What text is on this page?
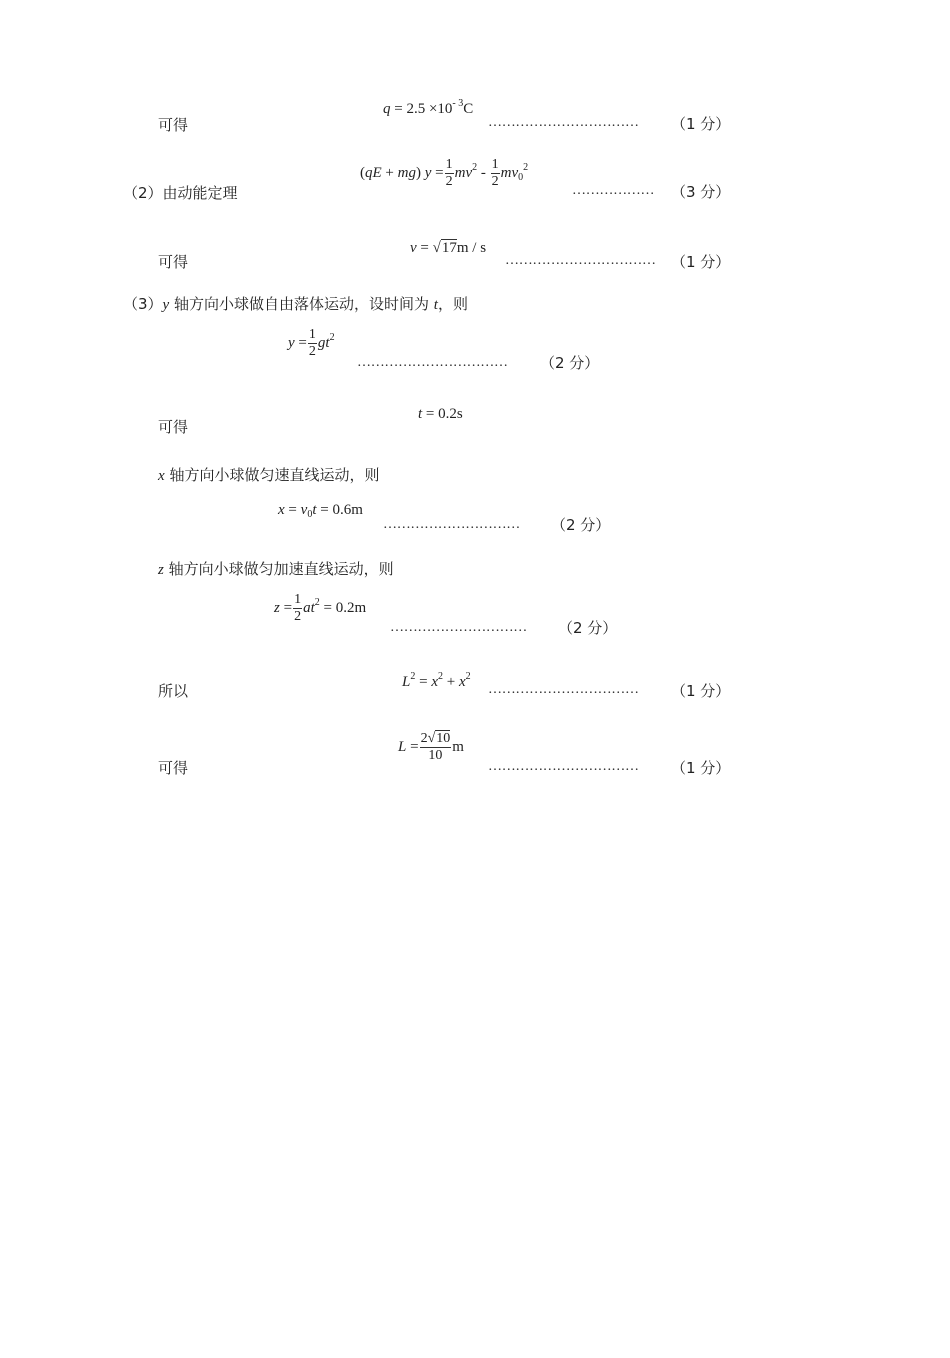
可得
$q = 2.5 \times 10^{- 3}C$
…………………………… （1 分）
（2）由动能定理
(qE + mg) $y = \frac{1}{2} mv^2 - \frac{1}{2} mv_0^2$
……………… （3 分）
可得
v = √17m / s
…………………………… （1 分）
（3）y 轴方向小球做自由落体运动，设时间为 t，则
$y = \frac{1}{2} gt^2$
…………………………… （2 分）
可得
t = 0.2s
x 轴方向小球做匀速直线运动，则
$x = v_0t = 0.6m$
………………………… （2 分）
z 轴方向小球做匀加速直线运动，则
$z = \frac{1}{2} at^2 = 0.2m$
………………………… （2 分）
所以	$L^2 = x^2 + x^2$
…………………………… （1 分）
可得
$L = \frac{2√10}{10}$ m
…………………………… （1 分）
